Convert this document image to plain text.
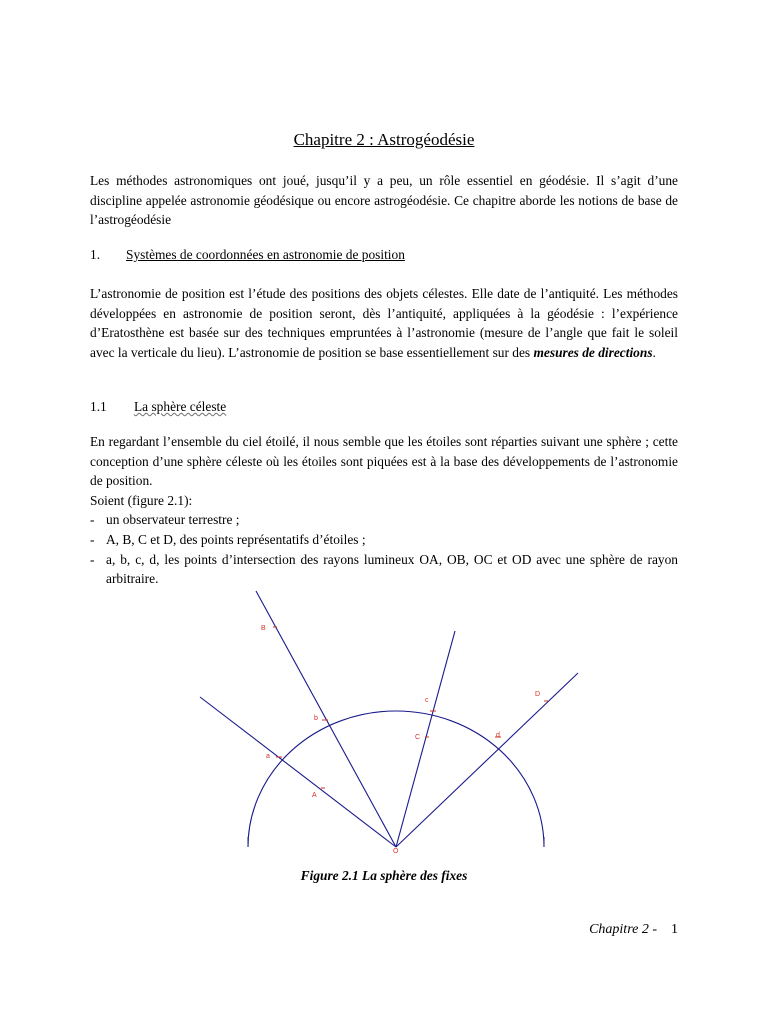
Chapitre 2 : Astrogéodésie

Les méthodes astronomiques ont joué, jusqu’il y a peu, un rôle essentiel en géodésie. Il s’agit d’une discipline appelée astronomie géodésique ou encore astrogéodésie. Ce chapitre aborde les notions de base de l’astrogéodésie

1.	Systèmes de coordonnées en astronomie de position

L’astronomie de position est l’étude des positions des objets célestes. Elle date de l’antiquité. Les méthodes développées en astronomie de position seront, dès l’antiquité, appliquées à la géodésie : l’expérience d’Eratosthène est basée sur des techniques empruntées à l’astronomie (mesure de l’angle que fait le soleil avec la verticale du lieu). L’astronomie de position se base essentiellement sur des mesures de directions.

1.1	La sphère céleste

En regardant l’ensemble du ciel étoilé, il nous semble que les étoiles sont réparties suivant une sphère ; cette conception d’une sphère céleste où les étoiles sont piquées est à la base des développements de l’astronomie de position.

Soient (figure 2.1):

- un observateur terrestre ;
- A, B, C et D, des points représentatifs d’étoiles ;
- a, b, c, d, les points d’intersection des rayons lumineux OA, OB, OC et OD avec une sphère de rayon arbitraire.
O
A
B
C
D
a
b
c
d
Figure 2.1 La sphère des fixes
Chapitre 2 - 1
